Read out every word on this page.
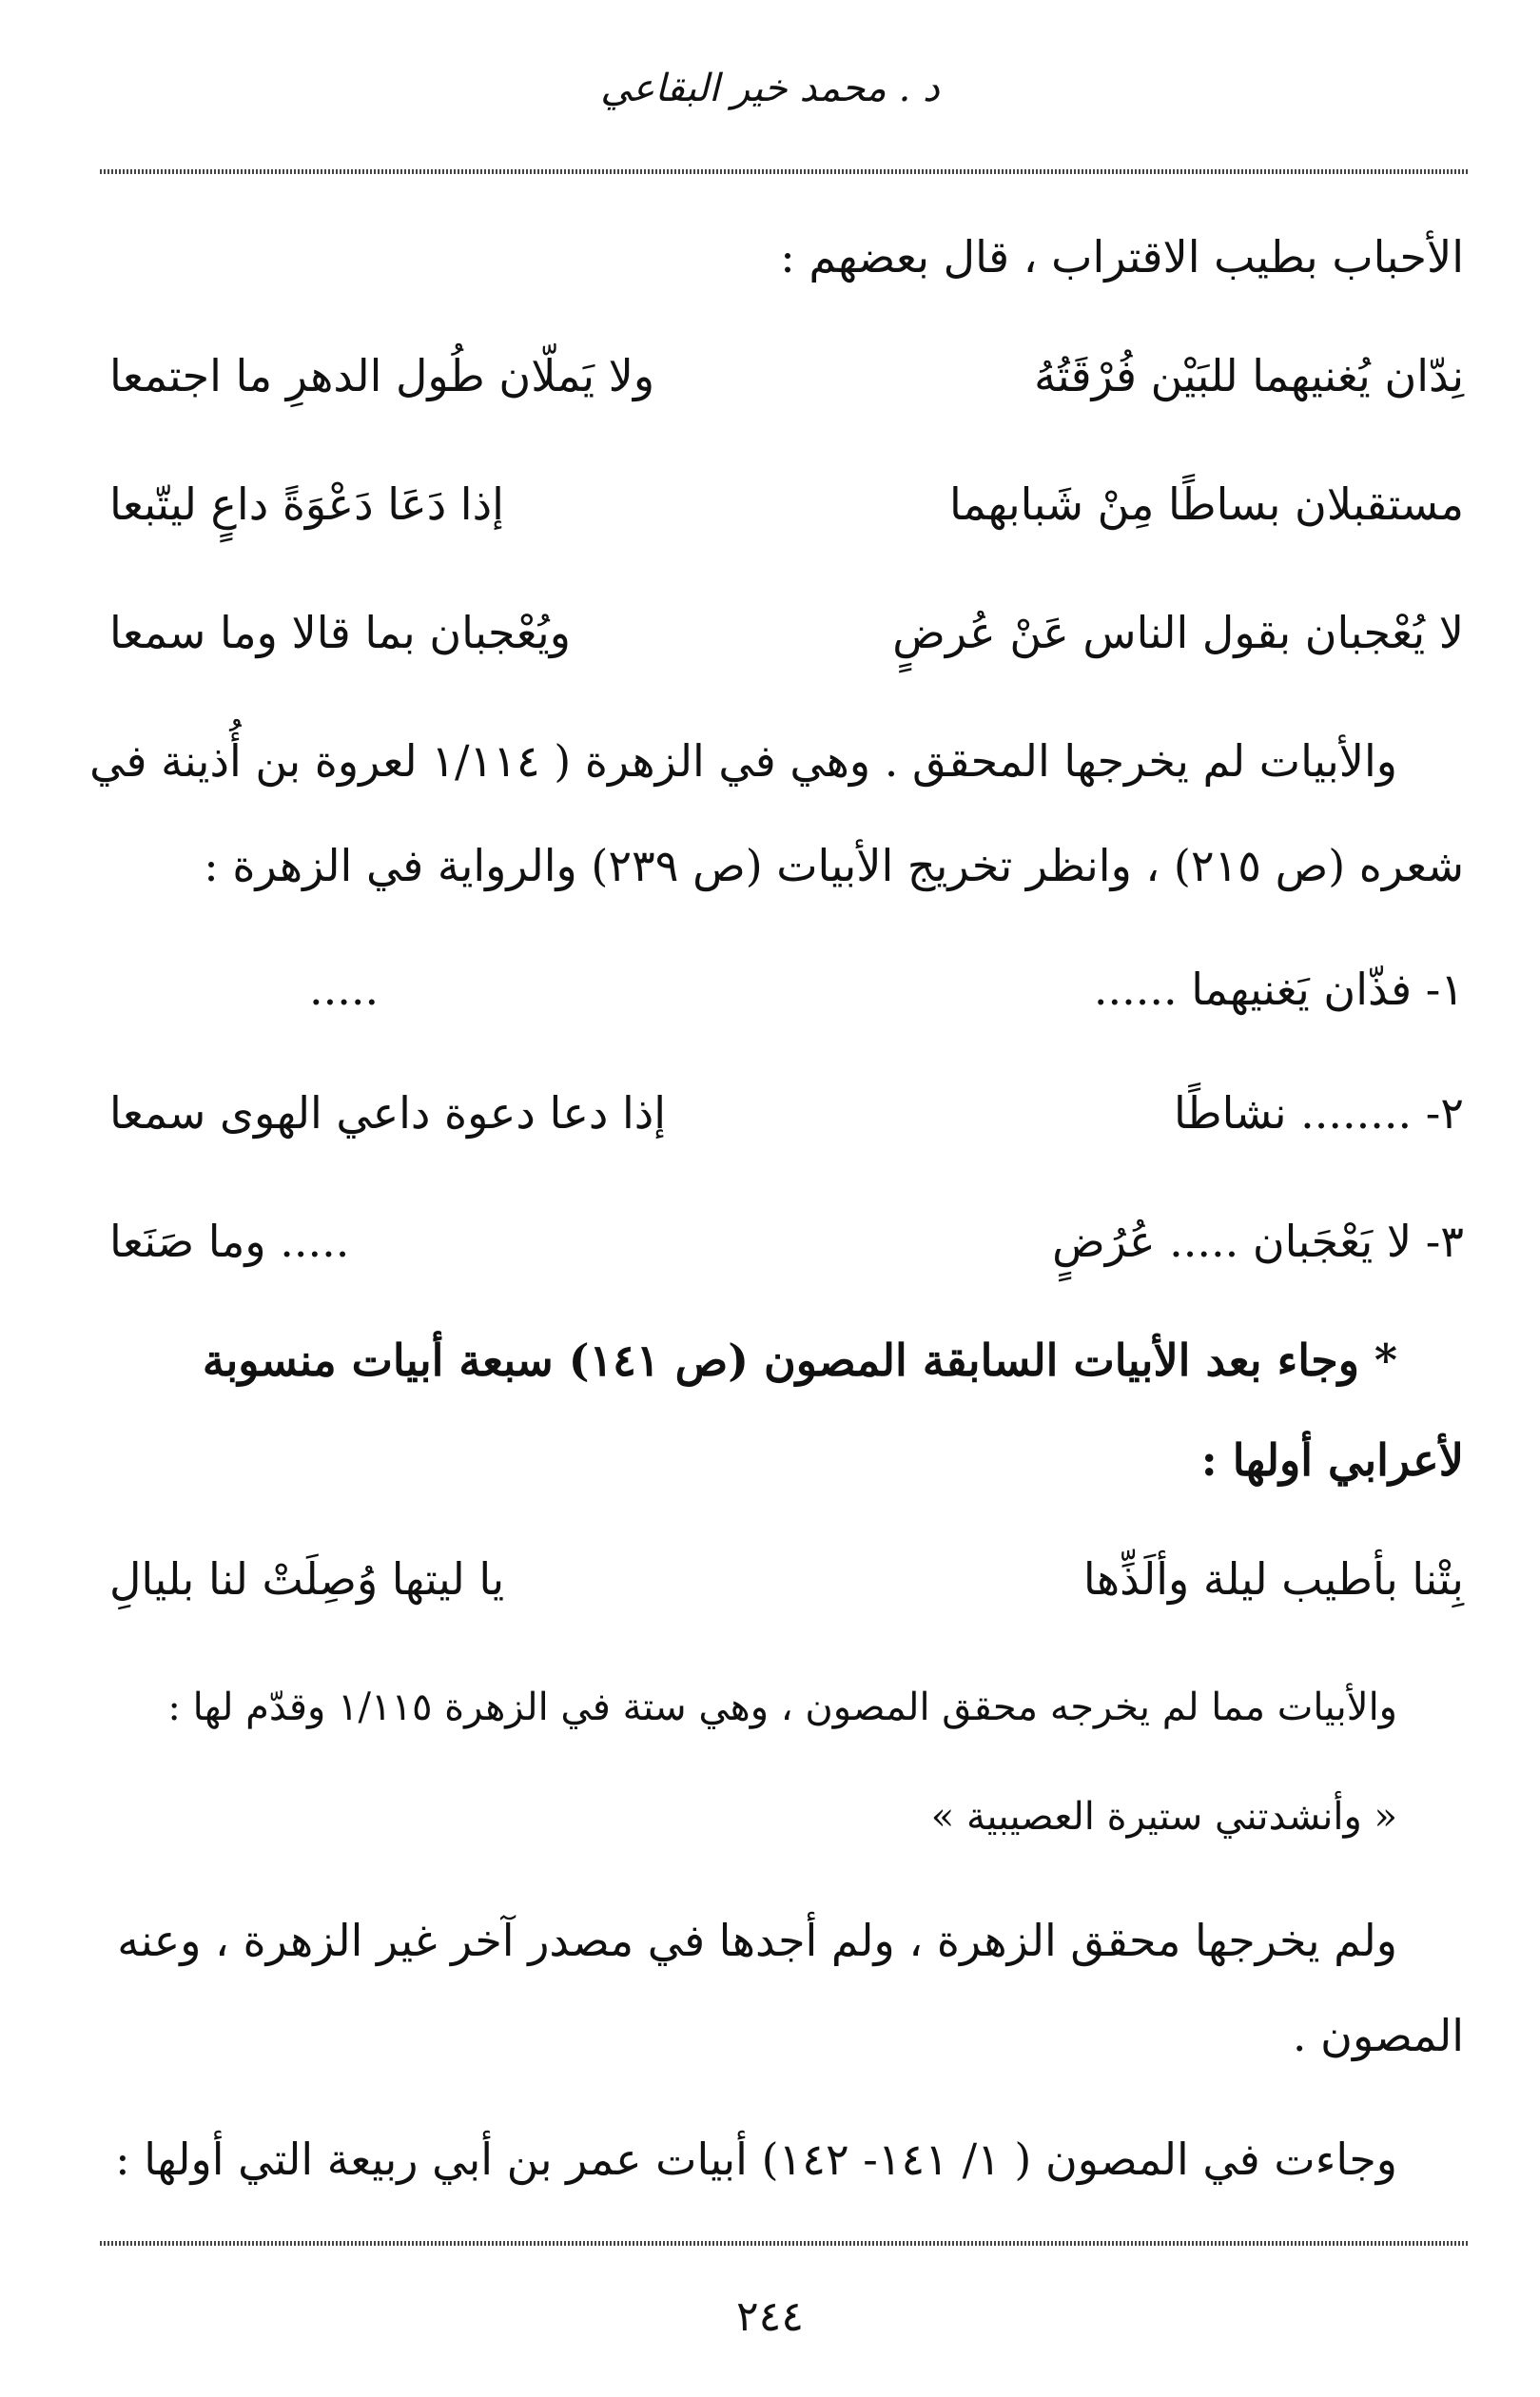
د . محمد خير البقاعي
الأحباب بطيب الاقتراب ، قال بعضهم :
نِدّان يُغنيهما للبَيْن فُرْقَتُهُ
ولا يَملّان طُول الدهرِ ما اجتمعا
مستقبلان بساطًا مِنْ شَبابهما
إذا دَعَا دَعْوَةً داعٍ ليتّبعا
لا يُعْجبان بقول الناس عَنْ عُرضٍ
ويُعْجبان بما قالا وما سمعا
والأبيات لم يخرجها المحقق . وهي في الزهرة ( ١/١١٤ لعروة بن أُذينة في
شعره (ص ٢١٥) ، وانظر تخريج الأبيات (ص ٢٣٩) والرواية في الزهرة :
١- فذّان يَغنيهما ......
.....
٢- ........ نشاطًا
إذا دعا دعوة داعي الهوى سمعا
٣- لا يَعْجَبان ..... عُرُضٍ
..... وما صَنَعا
* وجاء بعد الأبيات السابقة المصون (ص ١٤١) سبعة أبيات منسوبة
لأعرابي أولها :
بِتْنا بأطيب ليلة وألَذِّها
يا ليتها وُصِلَتْ لنا بليالِ
والأبيات مما لم يخرجه محقق المصون ، وهي ستة في الزهرة ١/١١٥ وقدّم لها :
« وأنشدتني ستيرة العصيبية »
ولم يخرجها محقق الزهرة ، ولم أجدها في مصدر آخر غير الزهرة ، وعنه
المصون .
وجاءت في المصون ( ١/ ١٤١- ١٤٢) أبيات عمر بن أبي ربيعة التي أولها :
٢٤٤
